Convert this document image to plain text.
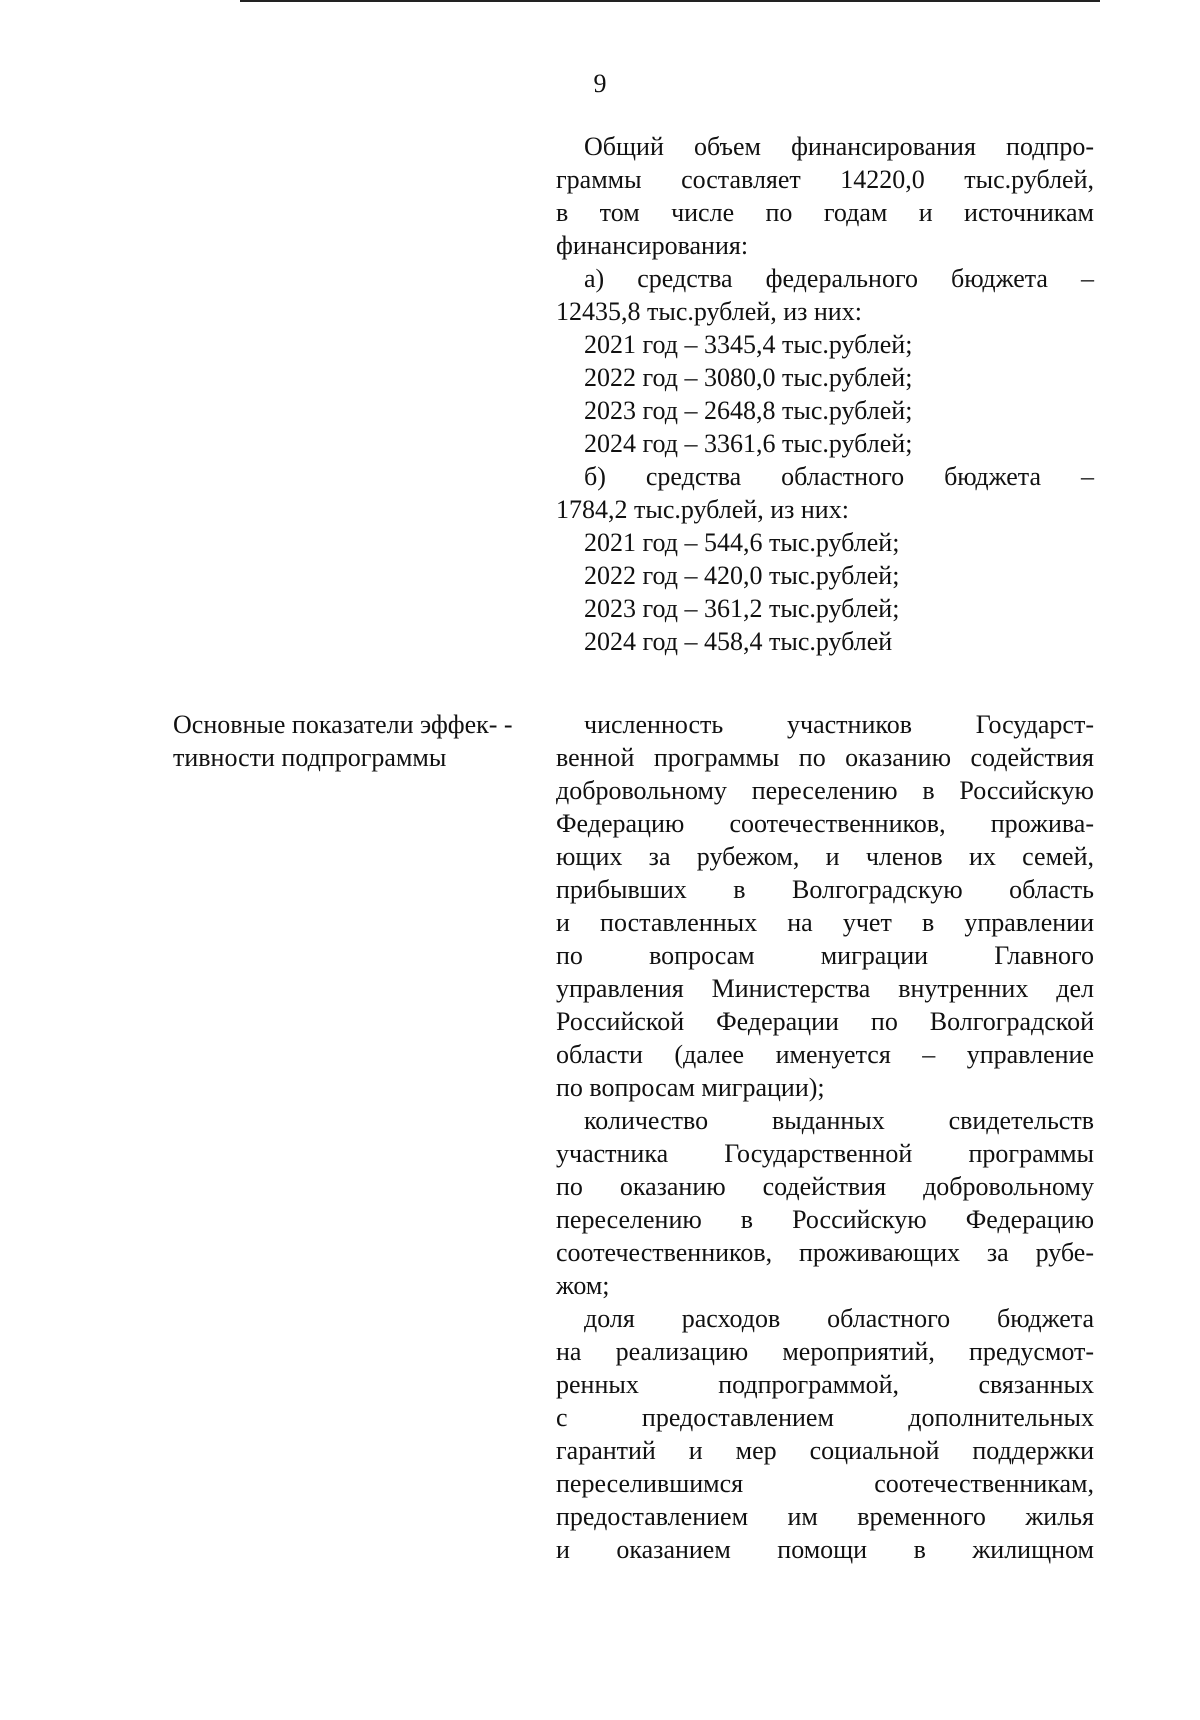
9
Общий объем финансирования подпро-
граммы составляет 14220,0 тыс.рублей,
в том числе по годам и источникам
финансирования:
а) средства федерального бюджета –
12435,8 тыс.рублей, из них:
2021 год – 3345,4 тыс.рублей;
2022 год – 3080,0 тыс.рублей;
2023 год – 2648,8 тыс.рублей;
2024 год – 3361,6 тыс.рублей;
б) средства областного бюджета –
1784,2 тыс.рублей, из них:
2021 год – 544,6 тыс.рублей;
2022 год – 420,0 тыс.рублей;
2023 год – 361,2 тыс.рублей;
2024 год – 458,4 тыс.рублей
Основные показатели эффек- -
тивности подпрограммы
численность участников Государст-
венной программы по оказанию содействия
добровольному переселению в Российскую
Федерацию соотечественников, прожива-
ющих за рубежом, и членов их семей,
прибывших в Волгоградскую область
и поставленных на учет в управлении
по вопросам миграции Главного
управления Министерства внутренних дел
Российской Федерации по Волгоградской
области (далее именуется – управление
по вопросам миграции);
количество выданных свидетельств
участника Государственной программы
по оказанию содействия добровольному
переселению в Российскую Федерацию
соотечественников, проживающих за рубе-
жом;
доля расходов областного бюджета
на реализацию мероприятий, предусмот-
ренных подпрограммой, связанных
с предоставлением дополнительных
гарантий и мер социальной поддержки
переселившимся соотечественникам,
предоставлением им временного жилья
и оказанием помощи в жилищном
